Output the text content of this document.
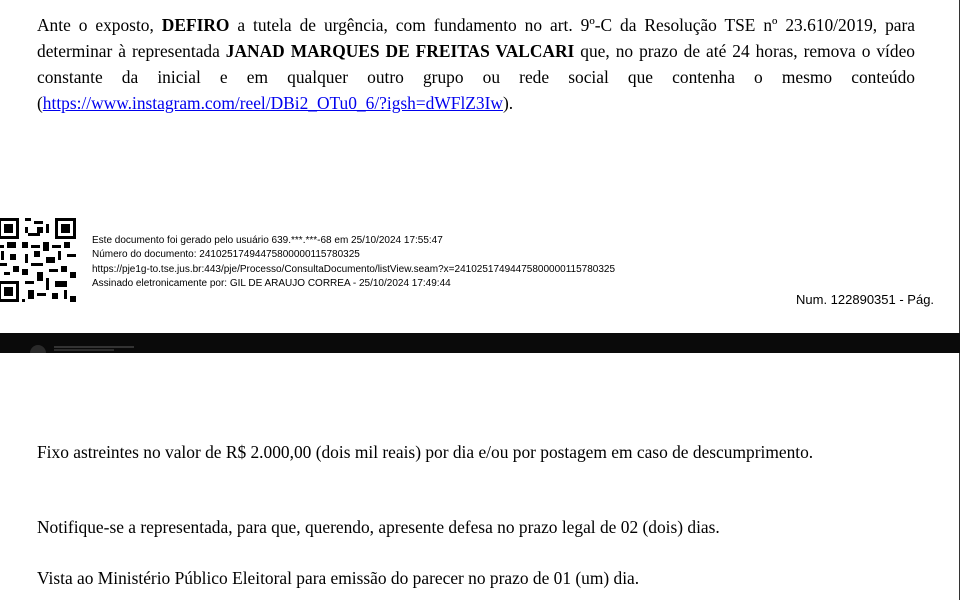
Ante o exposto, DEFIRO a tutela de urgência, com fundamento no art. 9º-C da Resolução TSE nº 23.610/2019, para determinar à representada JANAD MARQUES DE FREITAS VALCARI que, no prazo de até 24 horas, remova o vídeo constante da inicial e em qualquer outro grupo ou rede social que contenha o mesmo conteúdo (https://www.instagram.com/reel/DBi2_OTu0_6/?igsh=dWFlZ3Iw).

Este documento foi gerado pelo usuário 639.***.***-68 em 25/10/2024 17:55:47
Número do documento: 24102517494475800000115780325
https://pje1g-to.tse.jus.br:443/pje/Processo/ConsultaDocumento/listView.seam?x=24102517494475800000115780325
Assinado eletronicamente por: GIL DE ARAUJO CORREA - 25/10/2024 17:49:44
Num. 122890351 - Pág.

Fixo astreintes no valor de R$ 2.000,00 (dois mil reais) por dia e/ou por postagem em caso de descumprimento.

Notifique-se a representada, para que, querendo, apresente defesa no prazo legal de 02 (dois) dias.

Vista ao Ministério Público Eleitoral para emissão do parecer no prazo de 01 (um) dia.
